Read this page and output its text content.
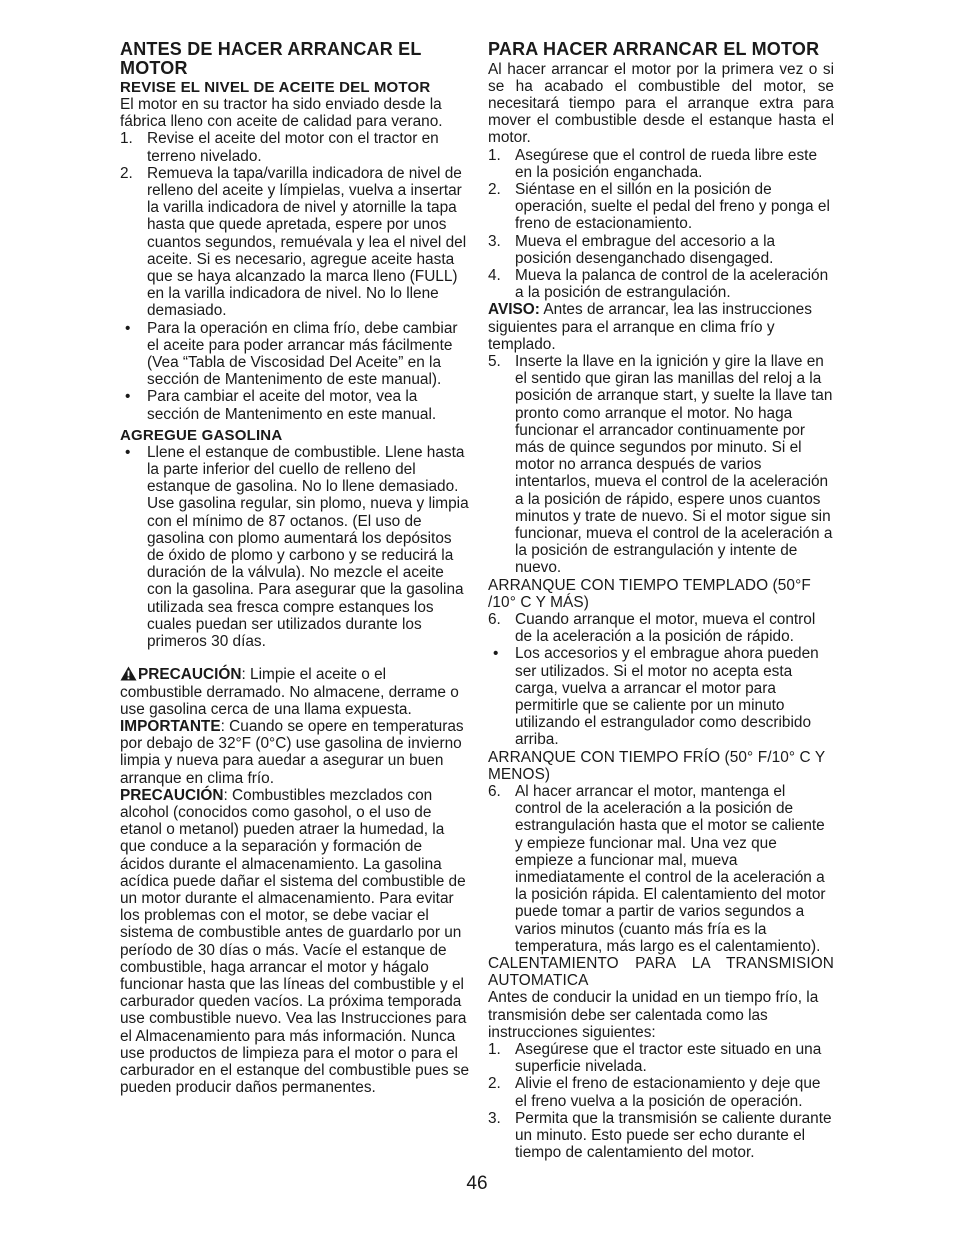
ANTES DE HACER ARRANCAR EL MOTOR
REVISE EL NIVEL DE ACEITE DEL MOTOR

El motor en su tractor ha sido enviado desde la fábrica lleno con aceite de calidad para verano.

1. Revise el aceite del motor con el tractor en terreno nivelado.
2. Remueva la tapa/varilla indicadora de nivel de relleno del aceite y límpielas, vuelva a insertar la varilla indicadora de nivel y atornille la tapa hasta que quede apretada, espere por unos cuantos segundos, remuévala y lea el nivel del aceite. Si es necesario, agregue aceite hasta que se haya alcanzado la marca lleno (FULL) en la varilla indicadora de nivel. No lo llene demasiado.
• Para la operación en clima frío, debe cambiar el aceite para poder arrancar más fácilmente (Vea “Tabla de Viscosidad Del Aceite” en la sección de Mantenimento de este manual).
• Para cambiar el aceite del motor, vea la sección de Mantenimento en este manual.
AGREGUE GASOLINA
• Llene el estanque de combustible. Llene hasta la parte inferior del cuello de relleno del estanque de gasolina. No lo llene demasiado. Use gasolina regular, sin plomo, nueva y limpia con el mínimo de 87 octanos. (El uso de gasolina con plomo aumentará los depósitos de óxido de plomo y carbono y se reducirá la duración de la válvula). No mezcle el aceite con la gasolina. Para asegurar que la gasolina utilizada sea fresca compre estanques los cuales puedan ser utilizados durante los primeros 30 días.

PRECAUCIÓN: Limpie el aceite o el combustible derramado. No almacene, derrame o use gasolina cerca de una llama expuesta.

IMPORTANTE: Cuando se opere en temperaturas por debajo de 32°F (0°C) use gasolina de invierno limpia y nueva para auedar a asegurar un buen arranque en clima frío.

PRECAUCIÓN: Combustibles mezclados con alcohol (conocidos como gasohol, o el uso de etanol o metanol) pueden atraer la humedad, la que conduce a la separación y formación de ácidos durante el almacenamiento. La gasolina acídica puede dañar el sistema del combustible de un motor durante el almacenamiento. Para evitar los problemas con el motor, se debe vaciar el sistema de combustible antes de guardarlo por un período de 30 días o más. Vacíe el estanque de combustible, haga arrancar el motor y hágalo funcionar hasta que las líneas del combustible y el carburador queden vacíos. La próxima temporada use combustible nuevo. Vea las Instrucciones para el Almacenamiento para más información. Nunca use productos de limpieza para el motor o para el carburador en el estanque del combustible pues se pueden producir daños permanentes.

PARA HACER ARRANCAR EL MOTOR

Al hacer arrancar el motor por la primera vez o si se ha acabado el combustible del motor, se necesitará tiempo para el arranque extra para mover el combustible desde el estanque hasta el motor.

1. Asegúrese que el control de rueda libre este en la posición enganchada.
2. Siéntase en el sillón en la posición de operación, suelte el pedal del freno y ponga el freno de estacionamiento.
3. Mueva el embrague del accesorio a la posición desenganchado disengaged.
4. Mueva la palanca de control de la aceleración a la posición de estrangulación.

AVISO: Antes de arrancar, lea las instrucciones siguientes para el arranque en clima frío y templado.

5. Inserte la llave en la ignición y gire la llave en el sentido que giran las manillas del reloj a la posición de arranque start, y suelte la llave tan pronto como arranque el motor. No haga funcionar el arrancador continuamente por más de quince segundos por minuto. Si el motor no arranca después de varios intentarlos, mueva el control de la aceleración a la posición de rápido, espere unos cuantos minutos y trate de nuevo. Si el motor sigue sin funcionar, mueva el control de la aceleración a la posición de estrangulación y intente de nuevo.

ARRANQUE CON TIEMPO TEMPLADO (50°F /10° C Y MÁS)

6. Cuando arranque el motor, mueva el control de la aceleración a la posición de rápido.
• Los accesorios y el embrague ahora pueden ser utilizados. Si el motor no acepta esta carga, vuelva a arrancar el motor para permitirle que se caliente por un minuto utilizando el estrangulador como describido arriba.

ARRANQUE CON TIEMPO FRÍO (50° F/10° C Y MENOS)

6. Al hacer arrancar el motor, mantenga el control de la aceleración a la posición de estrangulación hasta que el motor se caliente y empieze funcionar mal. Una vez que empieze a funcionar mal, mueva inmediatamente el control de la aceleración a la posición rápida. El calentamiento del motor puede tomar a partir de varios segundos a varios minutos (cuanto más fría es la temperatura, más largo es el calentamiento).

CALENTAMIENTO PARA LA TRANSMISION AUTOMATICA

Antes de conducir la unidad en un tiempo frío, la transmisión debe ser calentada como las instrucciones siguientes:

1. Asegúrese que el tractor este situado en una superficie nivelada.
2. Alivie el freno de estacionamiento y deje que el freno vuelva a la posición de operación.
3. Permita que la transmisión se caliente durante un minuto. Esto puede ser echo durante el tiempo de calentamiento del motor.
46
